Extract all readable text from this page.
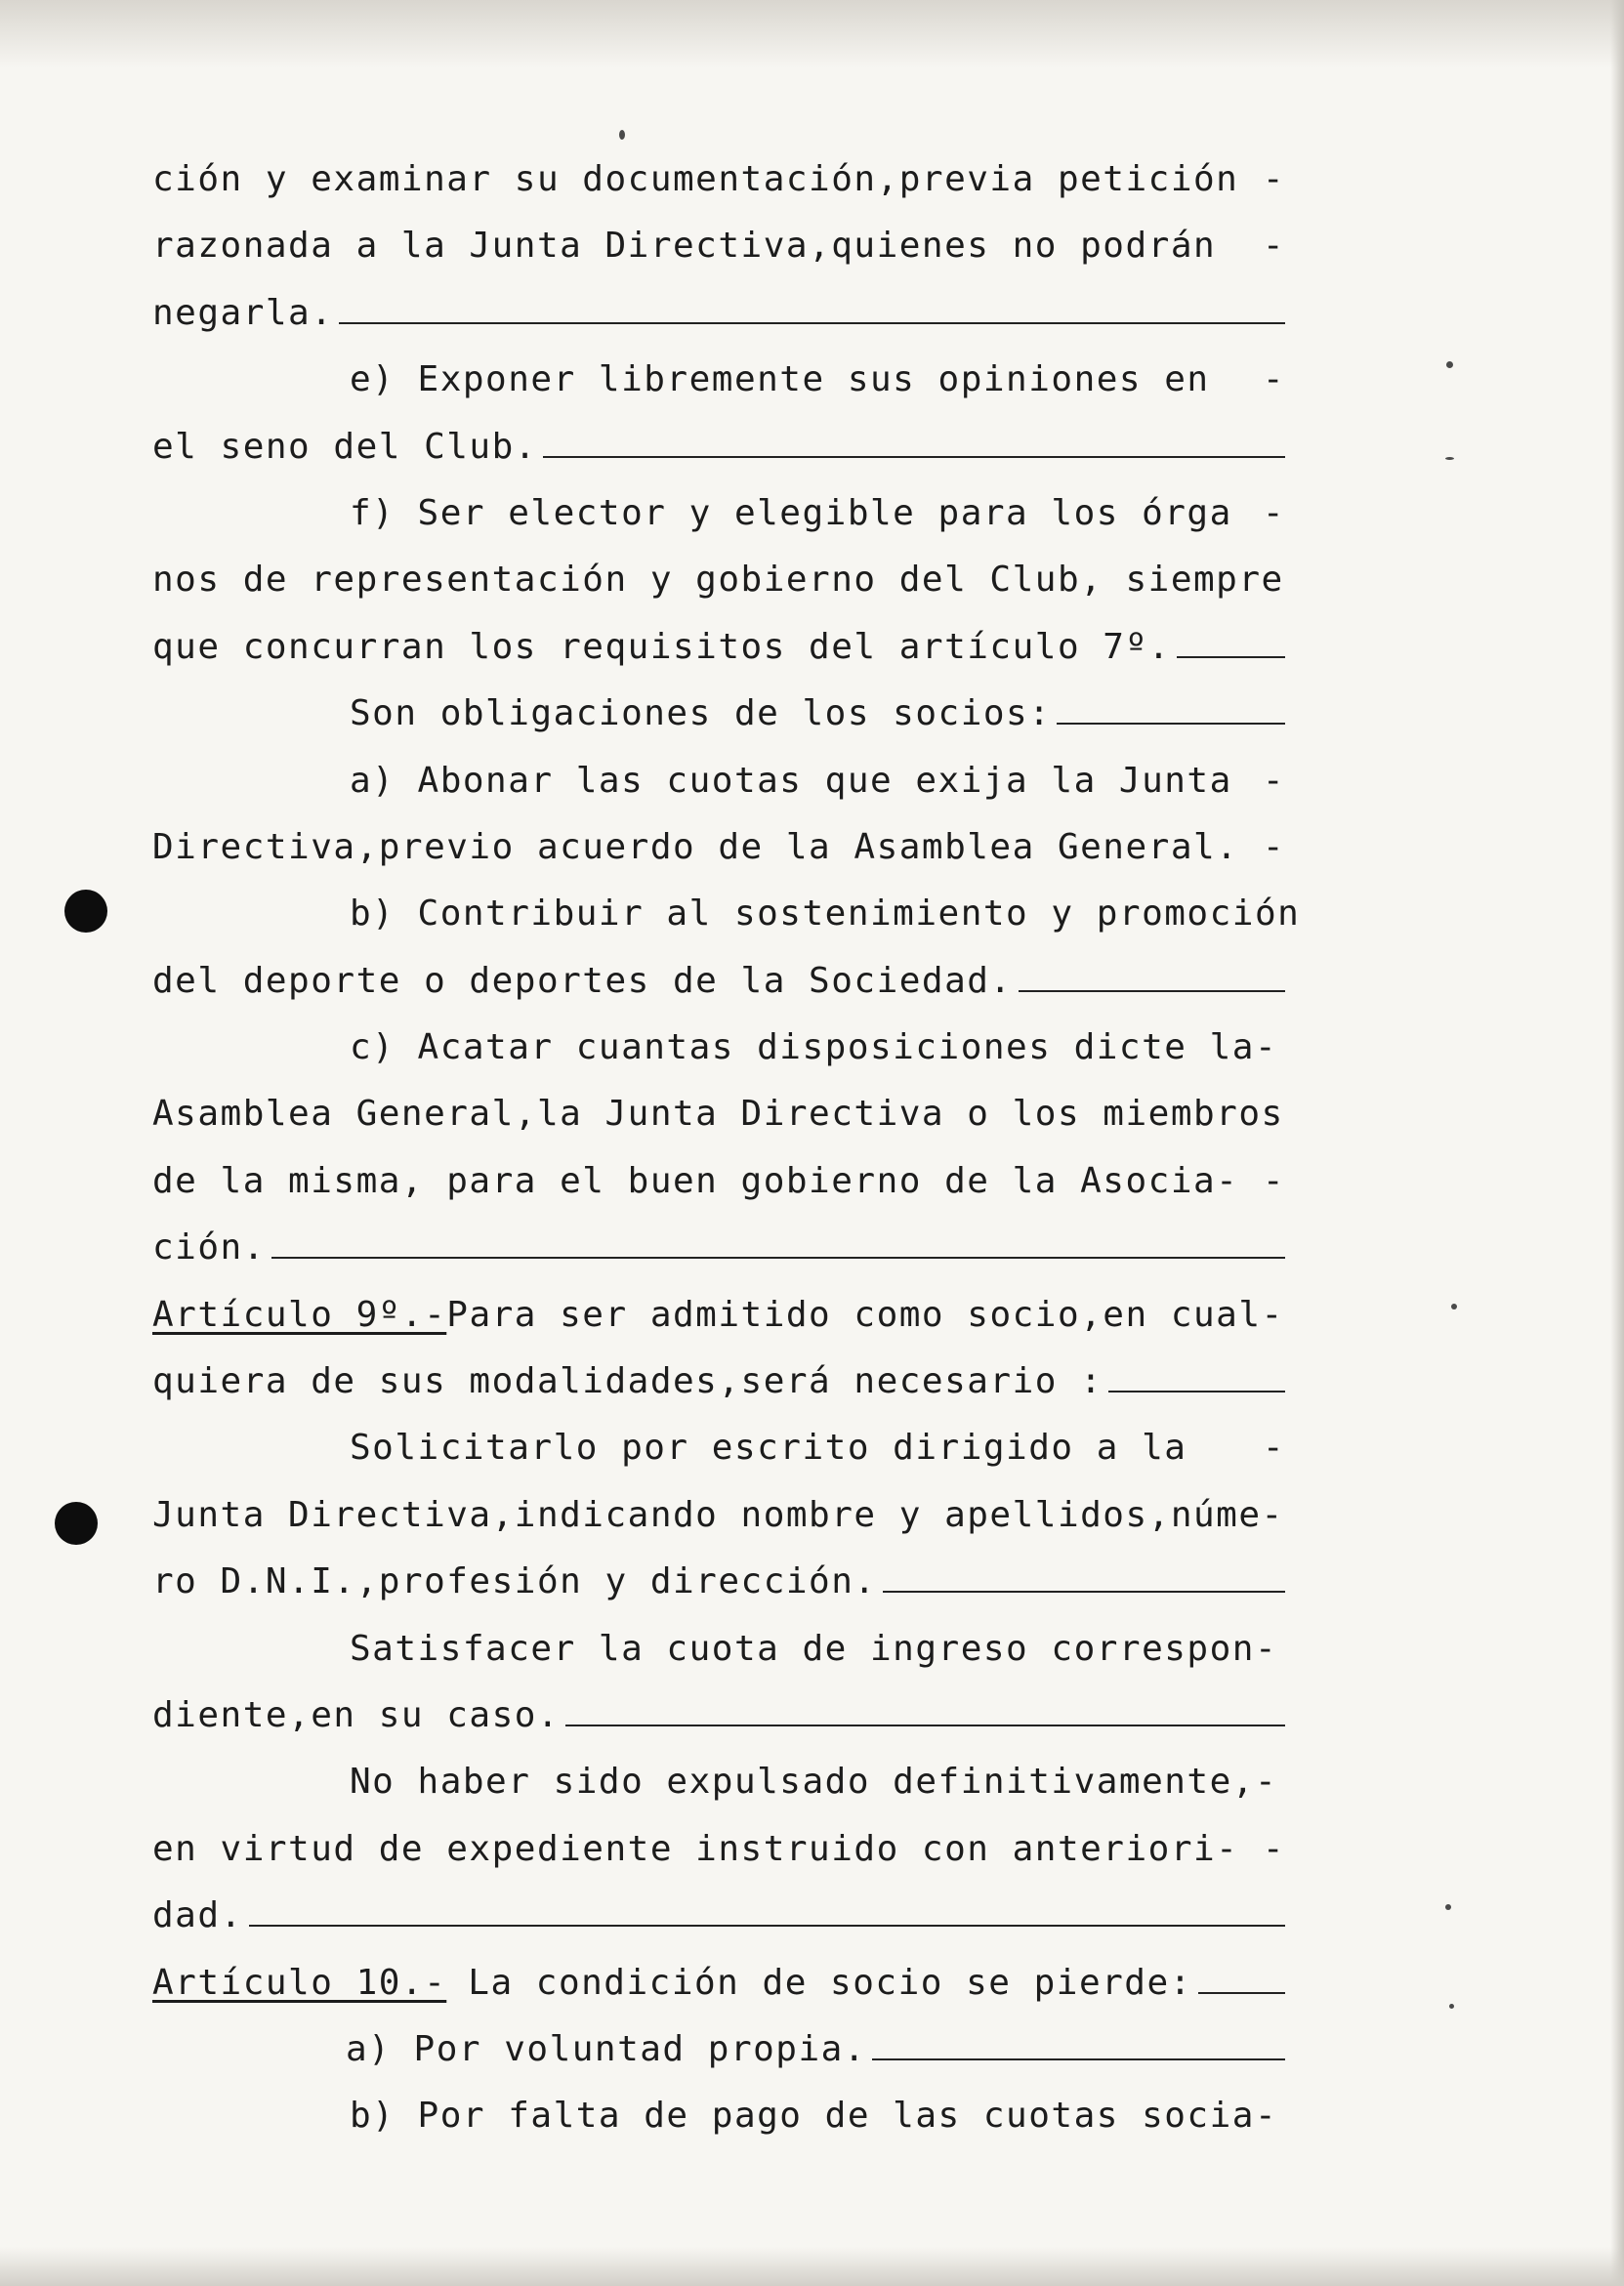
ción y examinar su documentación,previa petición -
razonada a la Junta Directiva,quienes no podrán	-
negarla.
e) Exponer libremente sus opiniones en	-
el seno del Club.
f) Ser elector y elegible para los órga -
nos de representación y gobierno del Club, siempre
que concurran los requisitos del artículo 7º.
Son obligaciones de los socios:
a) Abonar las cuotas que exija la Junta -
Directiva,previo acuerdo de la Asamblea General. -
b) Contribuir al sostenimiento y promoción
del deporte o deportes de la Sociedad.
c) Acatar cuantas disposiciones dicte la-
Asamblea General,la Junta Directiva o los miembros
de la misma, para el buen gobierno de la Asocia- -
ción.
Artículo 9º.- Para ser admitido como socio,en cual-
quiera de sus modalidades,será necesario :
Solicitarlo por escrito dirigido a la	-
Junta Directiva,indicando nombre y apellidos,núme-
ro D.N.I.,profesión y dirección.
Satisfacer la cuota de ingreso correspon-
diente,en su caso.
No haber sido expulsado definitivamente,-
en virtud de expediente instruido con anteriori- -
dad.
Artículo 10.- La condición de socio se pierde:
a) Por voluntad propia.
b) Por falta de pago de las cuotas socia-
